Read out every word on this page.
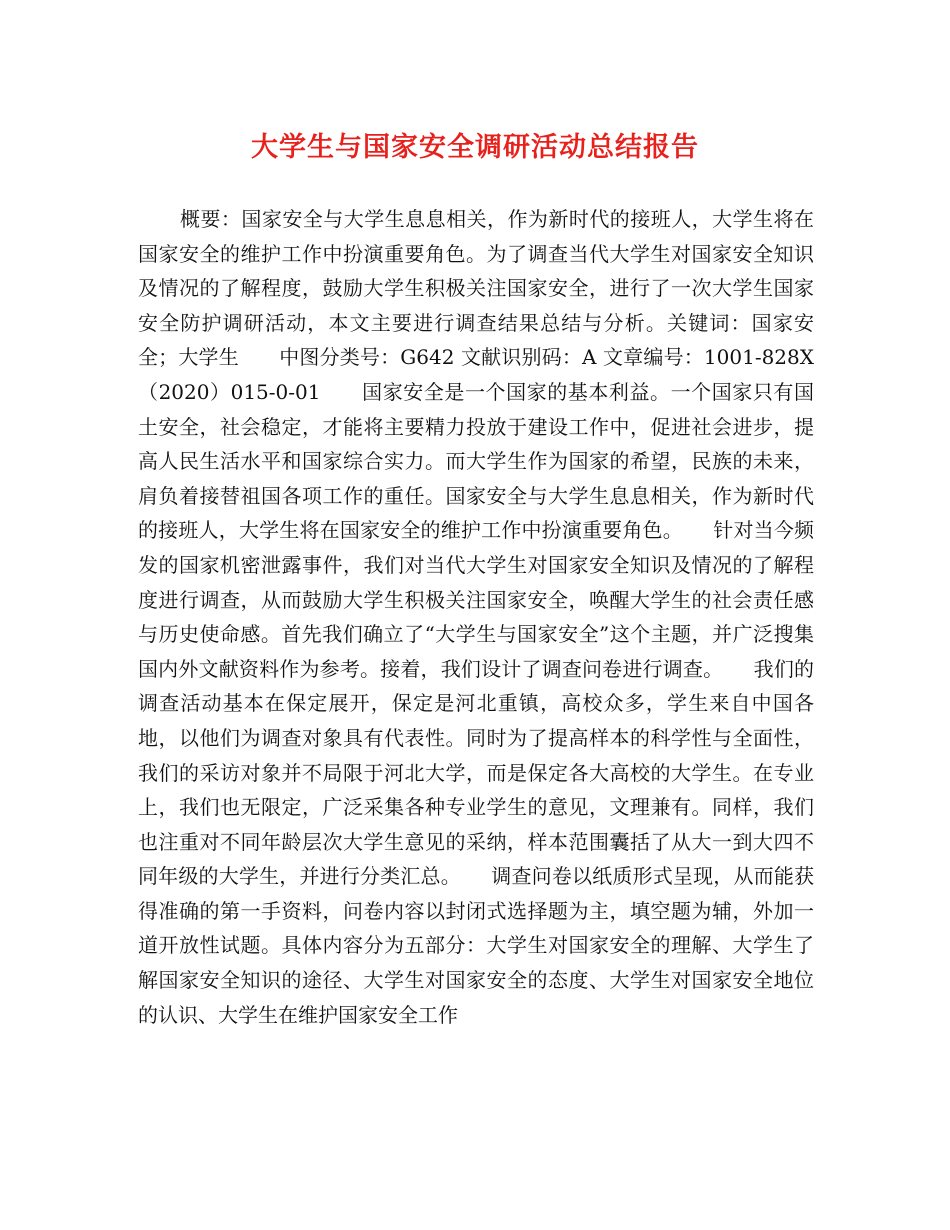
大学生与国家安全调研活动总结报告

概要：国家安全与大学生息息相关，作为新时代的接班人，大学生将在国家安全的维护工作中扮演重要角色。为了调查当代大学生对国家安全知识及情况的了解程度，鼓励大学生积极关注国家安全，进行了一次大学生国家安全防护调研活动，本文主要进行调查结果总结与分析。关键词：国家安全；大学生　　中图分类号：G642 文献识别码：A 文章编号：1001-828X（2020）015-0-01　　国家安全是一个国家的基本利益。一个国家只有国土安全，社会稳定，才能将主要精力投放于建设工作中，促进社会进步，提高人民生活水平和国家综合实力。而大学生作为国家的希望，民族的未来，肩负着接替祖国各项工作的重任。国家安全与大学生息息相关，作为新时代的接班人，大学生将在国家安全的维护工作中扮演重要角色。　　针对当今频发的国家机密泄露事件，我们对当代大学生对国家安全知识及情况的了解程度进行调查，从而鼓励大学生积极关注国家安全，唤醒大学生的社会责任感与历史使命感。首先我们确立了“大学生与国家安全”这个主题，并广泛搜集国内外文献资料作为参考。接着，我们设计了调查问卷进行调查。　　我们的调查活动基本在保定展开，保定是河北重镇，高校众多，学生来自中国各地，以他们为调查对象具有代表性。同时为了提高样本的科学性与全面性，我们的采访对象并不局限于河北大学，而是保定各大高校的大学生。在专业上，我们也无限定，广泛采集各种专业学生的意见，文理兼有。同样，我们也注重对不同年龄层次大学生意见的采纳，样本范围囊括了从大一到大四不同年级的大学生，并进行分类汇总。　　调查问卷以纸质形式呈现，从而能获得准确的第一手资料，问卷内容以封闭式选择题为主，填空题为辅，外加一道开放性试题。具体内容分为五部分：大学生对国家安全的理解、大学生了解国家安全知识的途径、大学生对国家安全的态度、大学生对国家安全地位的认识、大学生在维护国家安全工作
